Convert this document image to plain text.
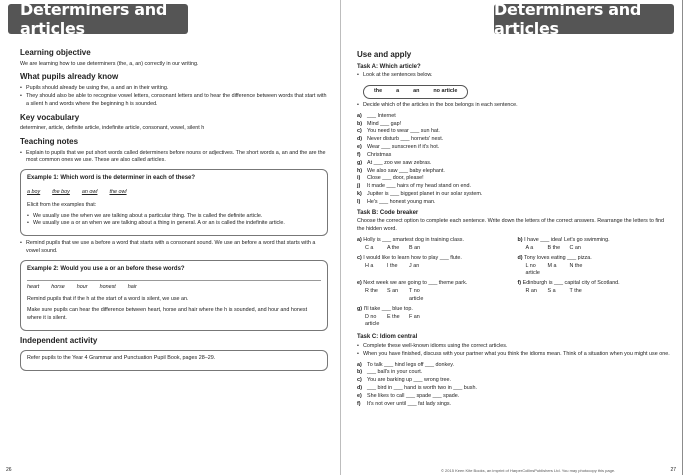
Determiners and articles
Learning objective

We are learning how to use determiners (the, a, an) correctly in our writing.

What pupils already know
• Pupils should already be using the, a and an in their writing.
• They should also be able to recognise vowel letters, consonant letters and to hear the difference between words that start with a silent h and words where the beginning h is sounded.
Key vocabulary

determiner, article, definite article, indefinite article, consonant, vowel, silent h

Teaching notes
• Explain to pupils that we put short words called determiners before nouns or adjectives. The short words a, an and the are the most common ones we use. These are also called articles.
Example 1: Which word is the determiner in each of these?
a boy the boy an owl the owl

Elicit from the examples that:

• We usually use the when we are talking about a particular thing. The is called the definite article.
• We usually use a or an when we are talking about a thing in general. A or an is called the indefinite article.
• Remind pupils that we use a before a word that starts with a consonant sound. We use an before a word that starts with a vowel sound.
Example 2: Would you use a or an before these words?
heart horse hour honest hair

Remind pupils that if the h at the start of a word is silent, we use an.

Make sure pupils can hear the difference between heart, horse and hair where the h is sounded, and hour and honest where it is silent.

Independent activity

Refer pupils to the Year 4 Grammar and Punctuation Pupil Book, pages 28–29.

26
Determiners and articles
Use and apply
Task A: Which article?
• Look at the sentences below.
the	a	an	no article
• Decide which of the articles in the box belongs in each sentence.
a) ___ Internet
b) Mind ___ gap!
c) You need to wear ___ sun hat.
d) Never disturb ___ hornets' nest.
e) Wear ___ sunscreen if it's hot.
f)	Christmas
g) At ___ zoo we saw zebras.
h) We also saw ___ baby elephant.
i)	Close ___ door, please!
j)	It made ___ hairs of my head stand on end.
k) Jupiter is ___ biggest planet in our solar system.
l)	He's ___ honest young man.
Task B: Code breaker

Choose the correct option to complete each sentence. Write down the letters of the correct answers. Rearrange the letters to find the hidden word.

a) Holly is ___ smartest dog in training class.
C a	A the	B an
b) I have ___ idea! Let's go swimming.
A a	B the	C an
c) I would like to learn how to play ___ flute.
H a	I the	J an
d) Tony loves eating ___ pizza.
L no article
M a	N the
e) Next week we are going to ___ theme park.
R the	S an	T no article
f) Edinburgh is ___ capital city of Scotland.
R an	S a	T the
g) I'll take ___ blue top.
D no article
E the	F an
Task C: Idiom central
• Complete these well-known idioms using the correct articles.
• When you have finished, discuss with your partner what you think the idioms mean. Think of a situation when you might use one.
a) To talk ___ hind legs off ___ donkey.
b) ___ ball's in your court.
c) You are barking up ___ wrong tree.
d) ___ bird in ___ hand is worth two in ___ bush.
e) She likes to call ___ spade ___ spade.
f)	It's not over until ___ fat lady sings.
© 2015 Keen Kite Books, an imprint of HarperCollinsPublishers Ltd. You may photocopy this page.	27
